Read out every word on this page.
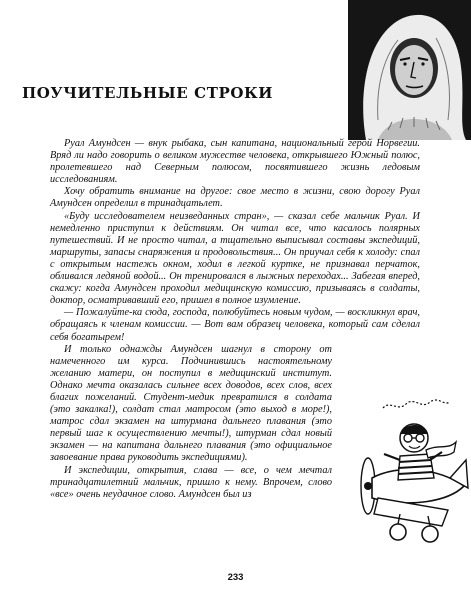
ПОУЧИТЕЛЬНЫЕ СТРОКИ

Руал Амундсен — внук рыбака, сын капитана, национальный герой Норвегии. Вряд ли надо говорить о великом мужестве человека, открывшего Южный полюс, пролетевшего над Северным полюсом, посвятившего жизнь ледовым исследованиям.

Хочу обратить внимание на другое: свое место в жизни, свою дорогу Руал Амундсен определил в тринадцатьлет.

«Буду исследователем неизведанных стран», — сказал себе мальчик Руал. И немедленно приступил к действиям. Он читал все, что касалось полярных путешествий. И не просто читал, а тщательно выписывал составы экспедиций, маршруты, запасы снаряжения и продовольствия... Он приучал себя к холоду: спал с открытым настежь окном, ходил в легкой куртке, не признавал перчаток, обливался ледяной водой... Он тренировался в лыжных переходах... Забегая вперед, скажу: когда Амундсен проходил медицинскую комиссию, призываясь в солдаты, доктор, осматривавший его, пришел в полное изумление.

— Пожалуйте-ка сюда, господа, полюбуйтесь новым чудом, — воскликнул врач, обращаясь к членам комиссии. — Вот вам образец человека, который сам сделал себя богатырем!

И только однажды Амундсен шагнул в сторону от намеченного им курса. Подчинившись настоятельному желанию матери, он поступил в медицинский институт. Однако мечта оказалась сильнее всех доводов, всех слов, всех благих пожеланий. Студент-медик превратился в солдата (это закалка!), солдат стал матросом (это выход в море!), матрос сдал экзамен на штурмана дальнего плавания (это первый шаг к осуществлению мечты!), штурман сдал новый экзамен — на капитана дальнего плавания (это официальное завоевание права руководить экспедициями).

И экспедиции, открытия, слава — все, о чем мечтал тринадцатилетний мальчик, пришло к нему. Впрочем, слово «все» очень неудачное слово. Амундсен был из

233
